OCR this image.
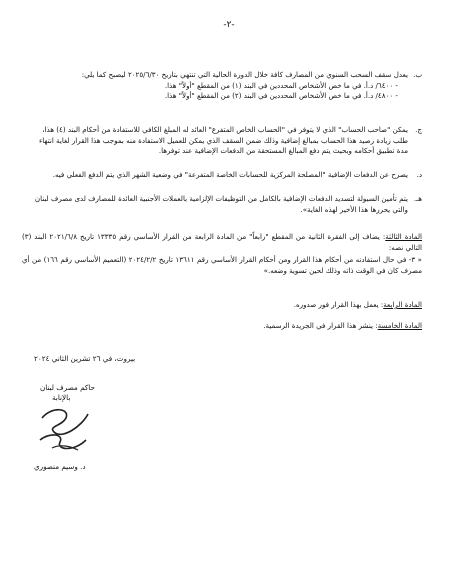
-٢-
ب.
يعدل سقف السحب السنوي من المصارف كافة خلال الدورة الحالية التي تنتهي بتاريخ ٢٠٢٥/٦/٣٠ ليصبح كما يلي:
- ٦٤٠٠/ د.أ. في ما خص الأشخاص المحددين في البند (١) من المقطع "أولاً" هذا.
- ٤٨٠٠/ د.أ. في ما خص الأشخاص المحددين في البند (٢) من المقطع "أولاً" هذا.
ج.
يمكن "صاحب الحساب" الذي لا يتوفر في "الحساب الخاص المتفرع" العائد له المبلغ الكافي للاستفادة من أحكام البند (٤) هذا، طلب زيادة رصيد هذا الحساب بمبالغ إضافية وذلك ضمن السقف الذي يمكن للعميل الاستفادة منه بموجب هذا القرار لغاية انتهاء مدة تطبيق أحكامه وبحيث يتم دفع المبالغ المستحقة من الدفعات الإضافية عند توفرها.
د.
يصرح عن الدفعات الإضافية "المصلحة المركزية للحسابات الخاصة المتفرعة" في وضعية الشهر الذي يتم الدفع الفعلي فيه.
هـ.
يتم تأمين السيولة لتسديد الدفعات الإضافية بالكامل من التوظيفات الإلزامية بالعملات الأجنبية العائدة للمصارف لدى مصرف لبنان والتي يحررها هذا الأخير لهذه الغاية».
المادة الثالثة: يضاف إلى الفقرة الثانية من المقطع "رابعاً" من المادة الرابعة من القرار الأساسي رقم ١٣٣٣٥ تاريخ ٢٠٢١/٦/٨ البند (٣) التالي نصه:
« ٣- في حال استفادته من أحكام هذا القرار ومن أحكام القرار الأساسي رقم ١٣٦١١ تاريخ ٢٠٢٤/٢/٢ (التعميم الأساسي رقم ١٦٦) من أي مصرف كان في الوقت ذاته وذلك لحين تسوية وضعه.»
المادة الرابعة: يعمل بهذا القرار فور صدوره.
المادة الخامسة: ينشر هذا القرار في الجريدة الرسمية.
بيروت، في ٢٦ تشرين الثاني ٢٠٢٤
حاكم مصرف لبنان
بالإنابة
د. وسيم منصوري
